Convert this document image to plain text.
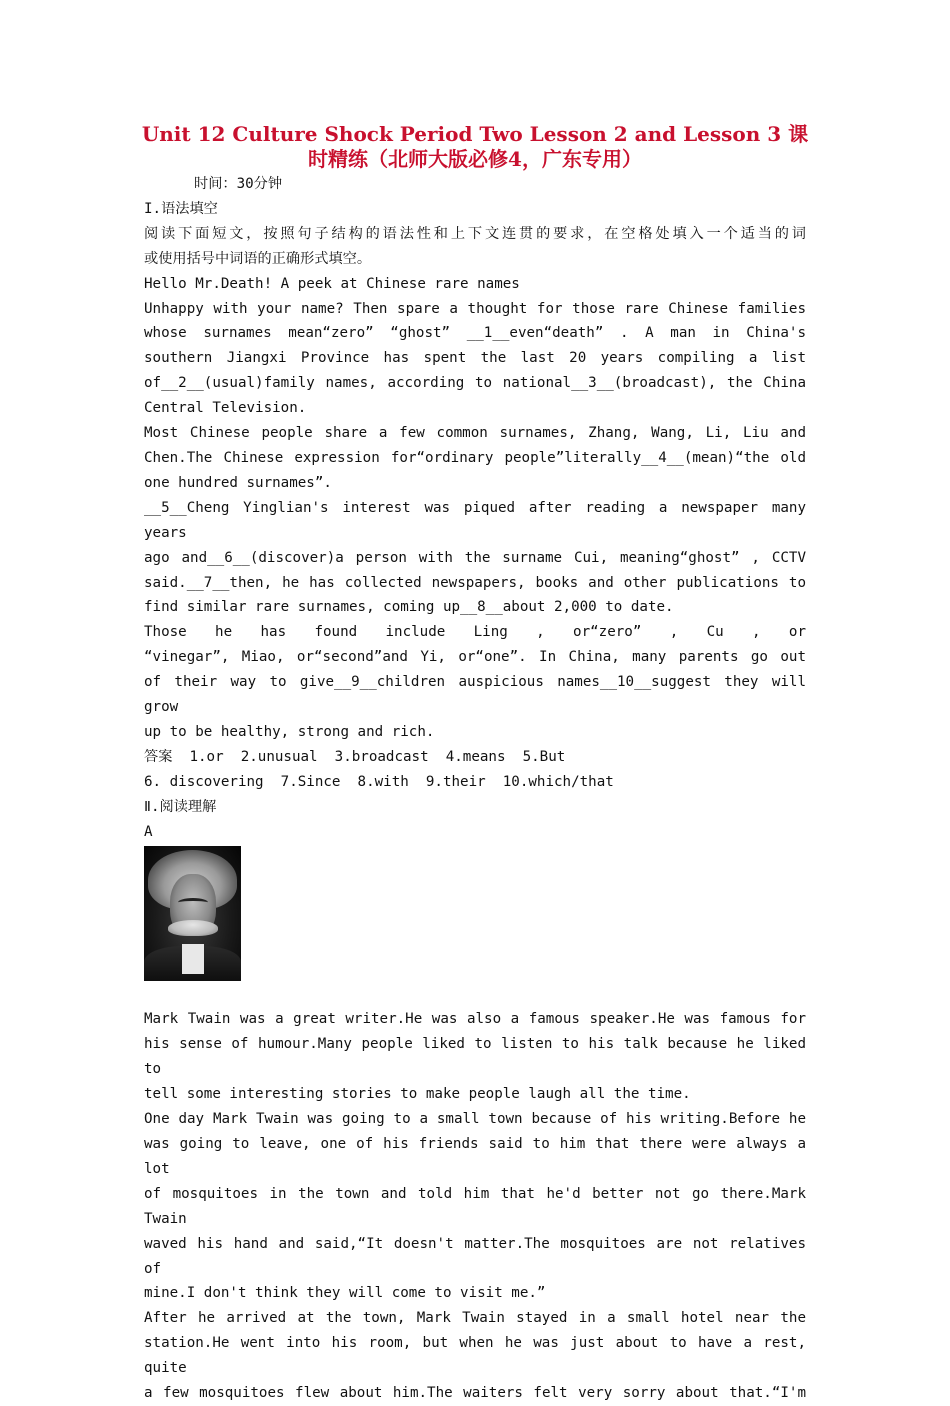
Unit 12 Culture Shock Period Two Lesson 2 and Lesson 3 课
时精练（北师大版必修4，广东专用）
时间：30分钟
I.语法填空
阅读下面短文，按照句子结构的语法性和上下文连贯的要求，在空格处填入一个适当的词
或使用括号中词语的正确形式填空。
Hello Mr.Death! A peek at Chinese rare names
Unhappy with your name? Then spare a thought for those rare Chinese families
whose surnames mean“zero” “ghost” __1__even“death” . A man in China's
southern Jiangxi Province has spent the last 20 years compiling a list
of__2__(usual)family names, according to national__3__(broadcast), the China
Central Television.
Most Chinese people share a few common surnames, Zhang, Wang, Li, Liu and
Chen.The Chinese expression for“ordinary people”literally__4__(mean)“the old
one hundred surnames”.
__5__Cheng Yinglian's interest was piqued after reading a newspaper many years
ago and__6__(discover)a person with the surname Cui, meaning“ghost” , CCTV
said.__7__then, he has collected newspapers, books and other publications to
find similar rare surnames, coming up__8__about 2,000 to date.
Those he has found include Ling , or“zero” , Cu , or
“vinegar”, Miao, or“second”and Yi, or“one”. In China, many parents go out
of their way to give__9__children auspicious names__10__suggest they will grow
up to be healthy, strong and rich.
答案  1.or  2.unusual  3.broadcast  4.means  5.But
6. discovering  7.Since  8.with  9.their  10.which/that
Ⅱ.阅读理解
A
Mark Twain was a great writer.He was also a famous speaker.He was famous for
his sense of humour.Many people liked to listen to his talk because he liked to
tell some interesting stories to make people laugh all the time.
One day Mark Twain was going to a small town because of his writing.Before he
was going to leave, one of his friends said to him that there were always a lot
of mosquitoes in the town and told him that he'd better not go there.Mark Twain
waved his hand and said,“It doesn't matter.The mosquitoes are not relatives of
mine.I don't think they will come to visit me.”
After he arrived at the town, Mark Twain stayed in a small hotel near the
station.He went into his room, but when he was just about to have a rest, quite
a few mosquitoes flew about him.The waiters felt very sorry about that.“I'm
